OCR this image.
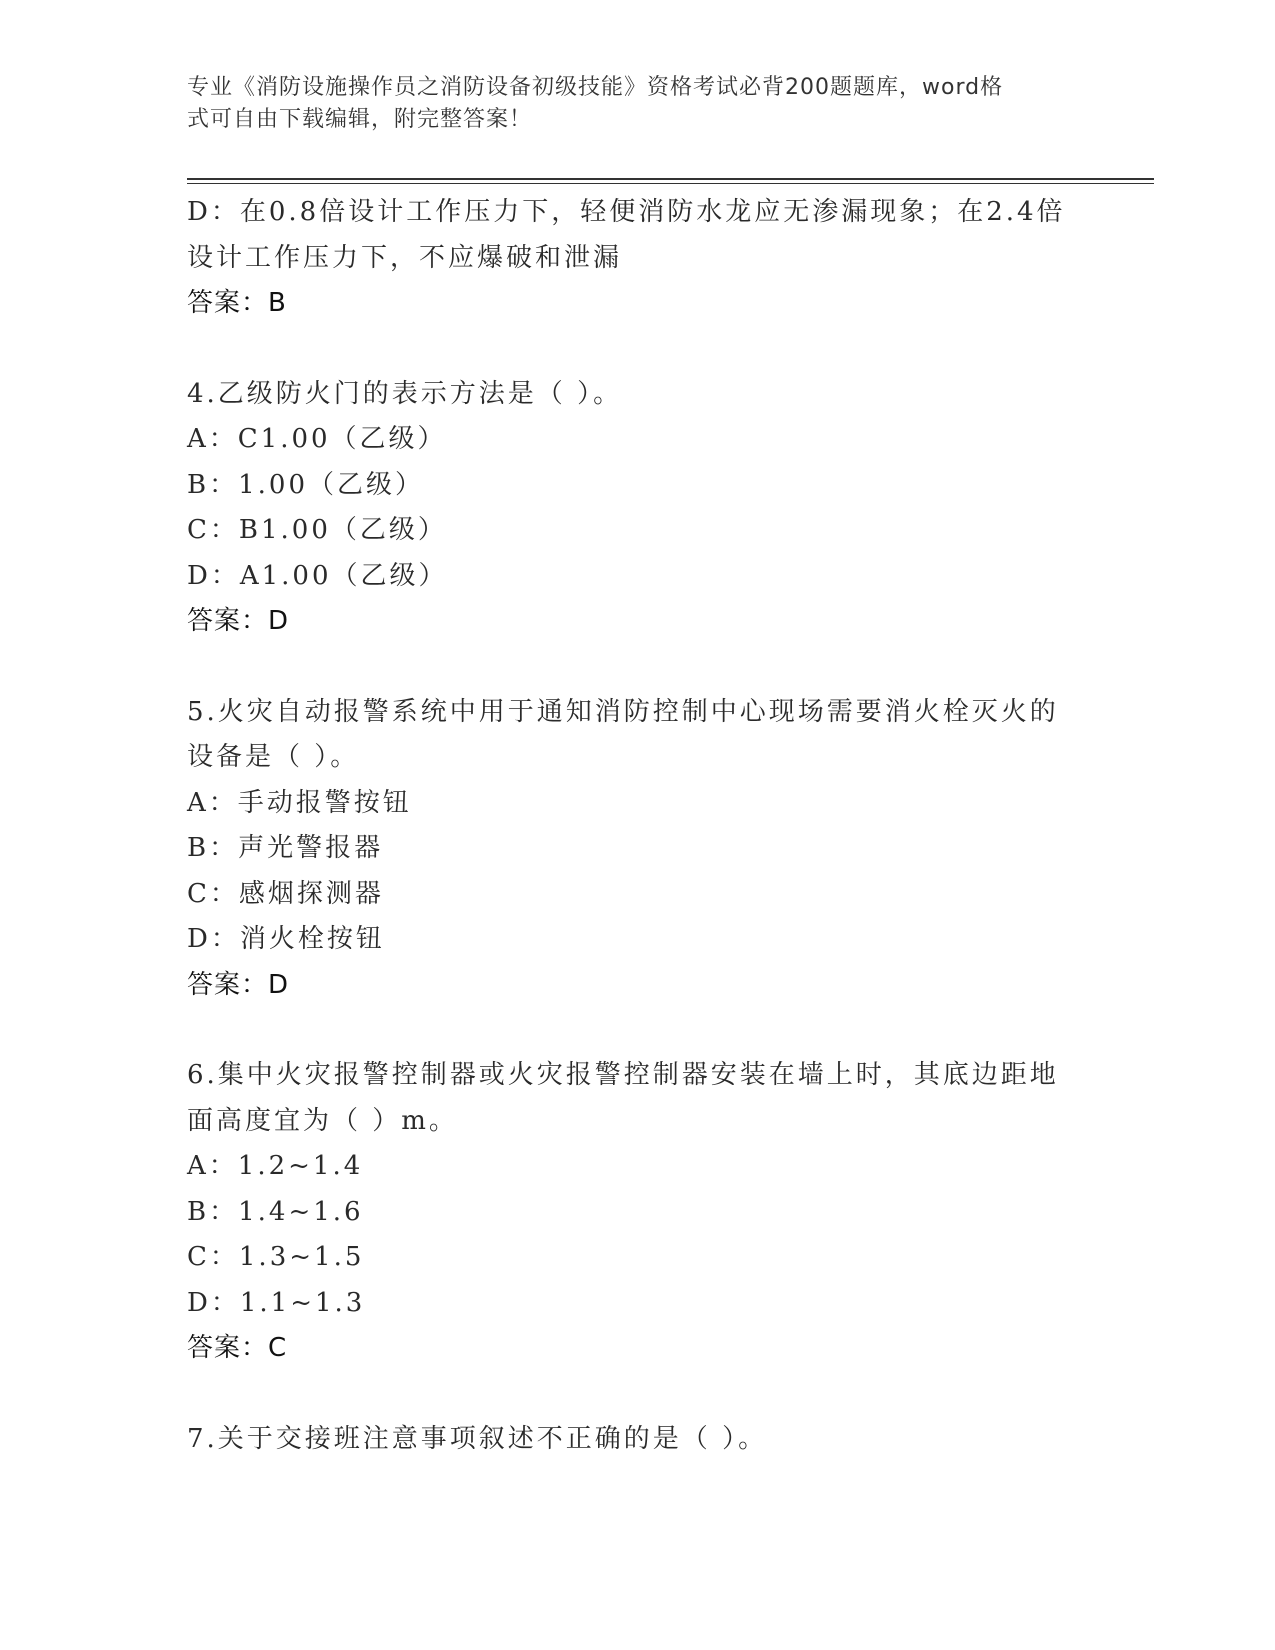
专业《消防设施操作员之消防设备初级技能》资格考试必背200题题库，word格
式可自由下载编辑，附完整答案！
D：在0.8倍设计工作压力下，轻便消防水龙应无渗漏现象；在2.4倍
设计工作压力下，不应爆破和泄漏
答案：B
4.乙级防火门的表示方法是（ ）。
A：C1.00（乙级）
B：1.00（乙级）
C：B1.00（乙级）
D：A1.00（乙级）
答案：D
5.火灾自动报警系统中用于通知消防控制中心现场需要消火栓灭火的
设备是（ ）。
A：手动报警按钮
B：声光警报器
C：感烟探测器
D：消火栓按钮
答案：D
6.集中火灾报警控制器或火灾报警控制器安装在墙上时，其底边距地
面高度宜为（ ）m。
A：1.2~1.4
B：1.4~1.6
C：1.3~1.5
D：1.1~1.3
答案：C
7.关于交接班注意事项叙述不正确的是（ ）。
